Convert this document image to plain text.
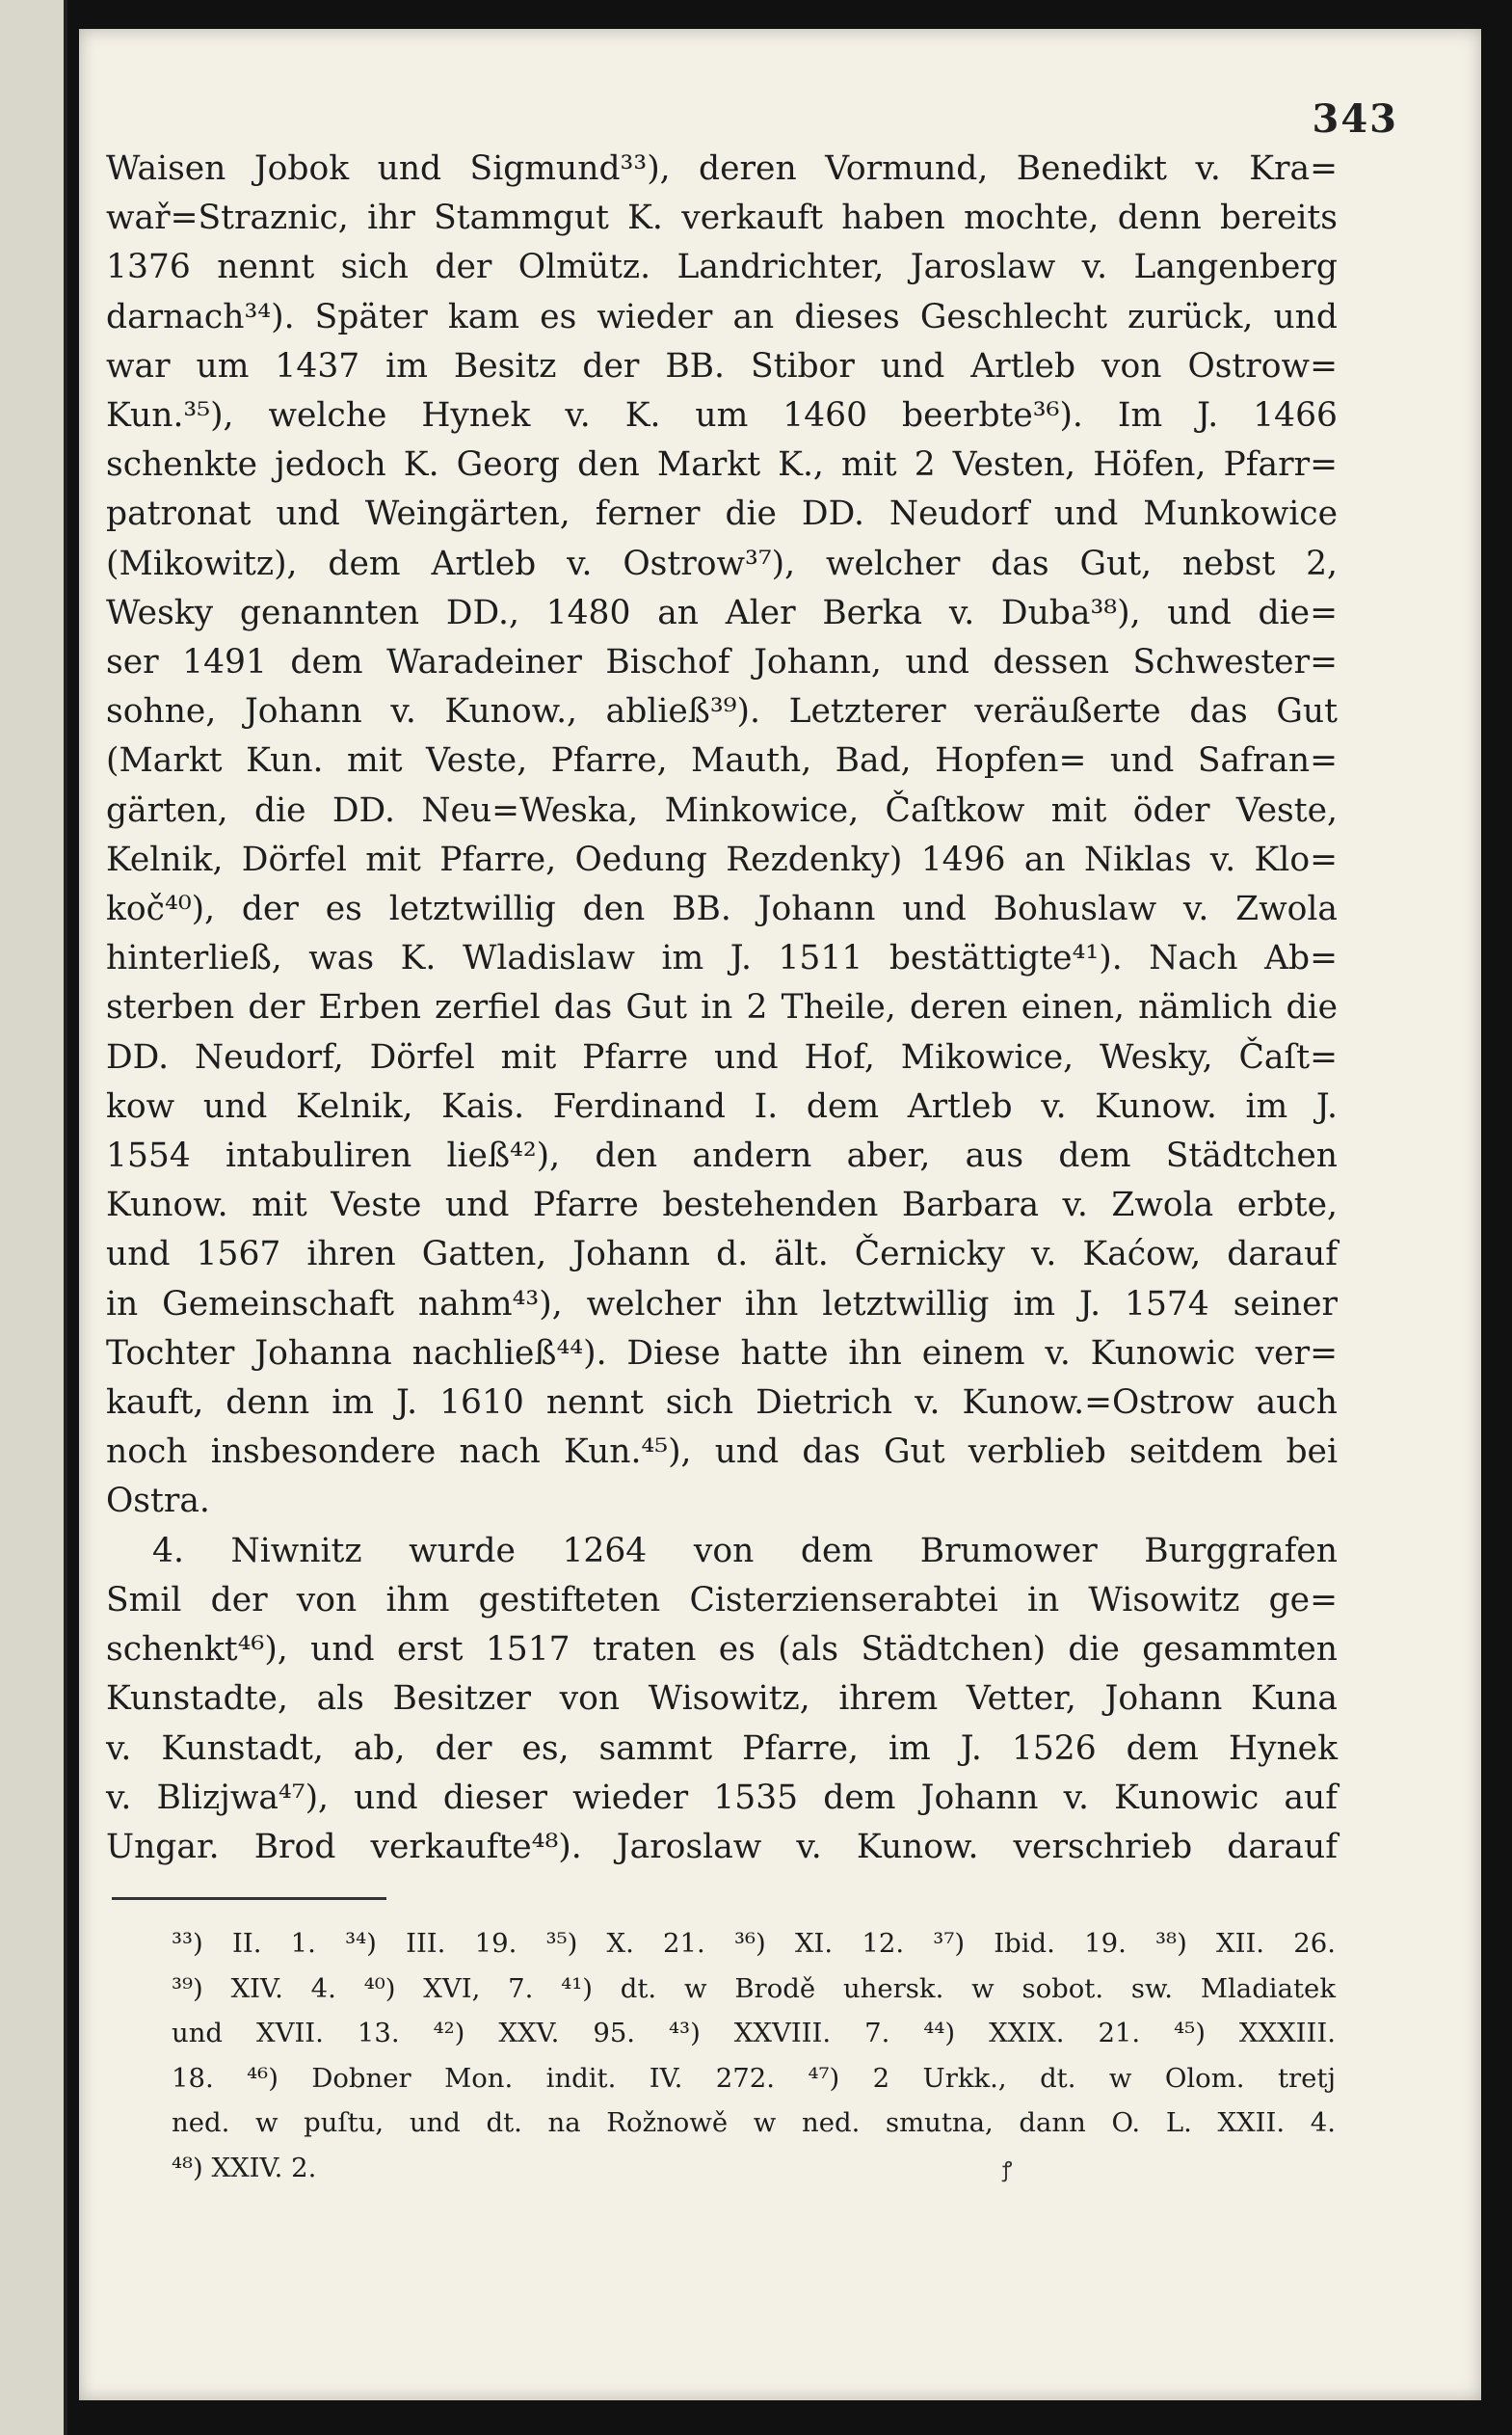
343
Waisen Jobok und Sigmund³³), deren Vormund, Benedikt v. Kra=
wař=Straznic, ihr Stammgut K. verkauft haben mochte, denn bereits
1376 nennt sich der Olmütz. Landrichter, Jaroslaw v. Langenberg
darnach³⁴). Später kam es wieder an dieses Geschlecht zurück, und
war um 1437 im Besitz der BB. Stibor und Artleb von Ostrow=
Kun.³⁵), welche Hynek v. K. um 1460 beerbte³⁶). Im J. 1466
schenkte jedoch K. Georg den Markt K., mit 2 Vesten, Höfen, Pfarr=
patronat und Weingärten, ferner die DD. Neudorf und Munkowice
(Mikowitz), dem Artleb v. Ostrow³⁷), welcher das Gut, nebst 2,
Wesky genannten DD., 1480 an Aler Berka v. Duba³⁸), und die=
ser 1491 dem Waradeiner Bischof Johann, und dessen Schwester=
sohne, Johann v. Kunow., abließ³⁹). Letzterer veräußerte das Gut
(Markt Kun. mit Veste, Pfarre, Mauth, Bad, Hopfen= und Safran=
gärten, die DD. Neu=Weska, Minkowice, Čaſtkow mit öder Veste,
Kelnik, Dörfel mit Pfarre, Oedung Rezdenky) 1496 an Niklas v. Klo=
koč⁴⁰), der es letztwillig den BB. Johann und Bohuslaw v. Zwola
hinterließ, was K. Wladislaw im J. 1511 bestättigte⁴¹). Nach Ab=
sterben der Erben zerfiel das Gut in 2 Theile, deren einen, nämlich die
DD. Neudorf, Dörfel mit Pfarre und Hof, Mikowice, Wesky, Čaſt=
kow und Kelnik, Kais. Ferdinand I. dem Artleb v. Kunow. im J.
1554 intabuliren ließ⁴²), den andern aber, aus dem Städtchen
Kunow. mit Veste und Pfarre bestehenden Barbara v. Zwola erbte,
und 1567 ihren Gatten, Johann d. ält. Černicky v. Kaćow, darauf
in Gemeinschaft nahm⁴³), welcher ihn letztwillig im J. 1574 seiner
Tochter Johanna nachließ⁴⁴). Diese hatte ihn einem v. Kunowic ver=
kauft, denn im J. 1610 nennt sich Dietrich v. Kunow.=Ostrow auch
noch insbesondere nach Kun.⁴⁵), und das Gut verblieb seitdem bei
Ostra.
4. Niwnitz wurde 1264 von dem Brumower Burggrafen
Smil der von ihm gestifteten Cisterzienserabtei in Wisowitz ge=
schenkt⁴⁶), und erst 1517 traten es (als Städtchen) die gesammten
Kunstadte, als Besitzer von Wisowitz, ihrem Vetter, Johann Kuna
v. Kunstadt, ab, der es, sammt Pfarre, im J. 1526 dem Hynek
v. Blizjwa⁴⁷), und dieser wieder 1535 dem Johann v. Kunowic auf
Ungar. Brod verkaufte⁴⁸). Jaroslaw v. Kunow. verschrieb darauf
³³) II. 1. ³⁴) III. 19. ³⁵) X. 21. ³⁶) XI. 12. ³⁷) Ibid. 19. ³⁸) XII. 26.
³⁹) XIV. 4. ⁴⁰) XVI, 7. ⁴¹) dt. w Brodě uhersk. w sobot. sw. Mladiatek
und XVII. 13. ⁴²) XXV. 95. ⁴³) XXVIII. 7. ⁴⁴) XXIX. 21. ⁴⁵) XXXIII.
18. ⁴⁶) Dobner Mon. indit. IV. 272. ⁴⁷) 2 Urkk., dt. w Olom. tretj
ned. w puſtu, und dt. na Rožnowě w ned. smutna, dann O. L. XXII. 4.
⁴⁸) XXIV. 2.	ꝭ
